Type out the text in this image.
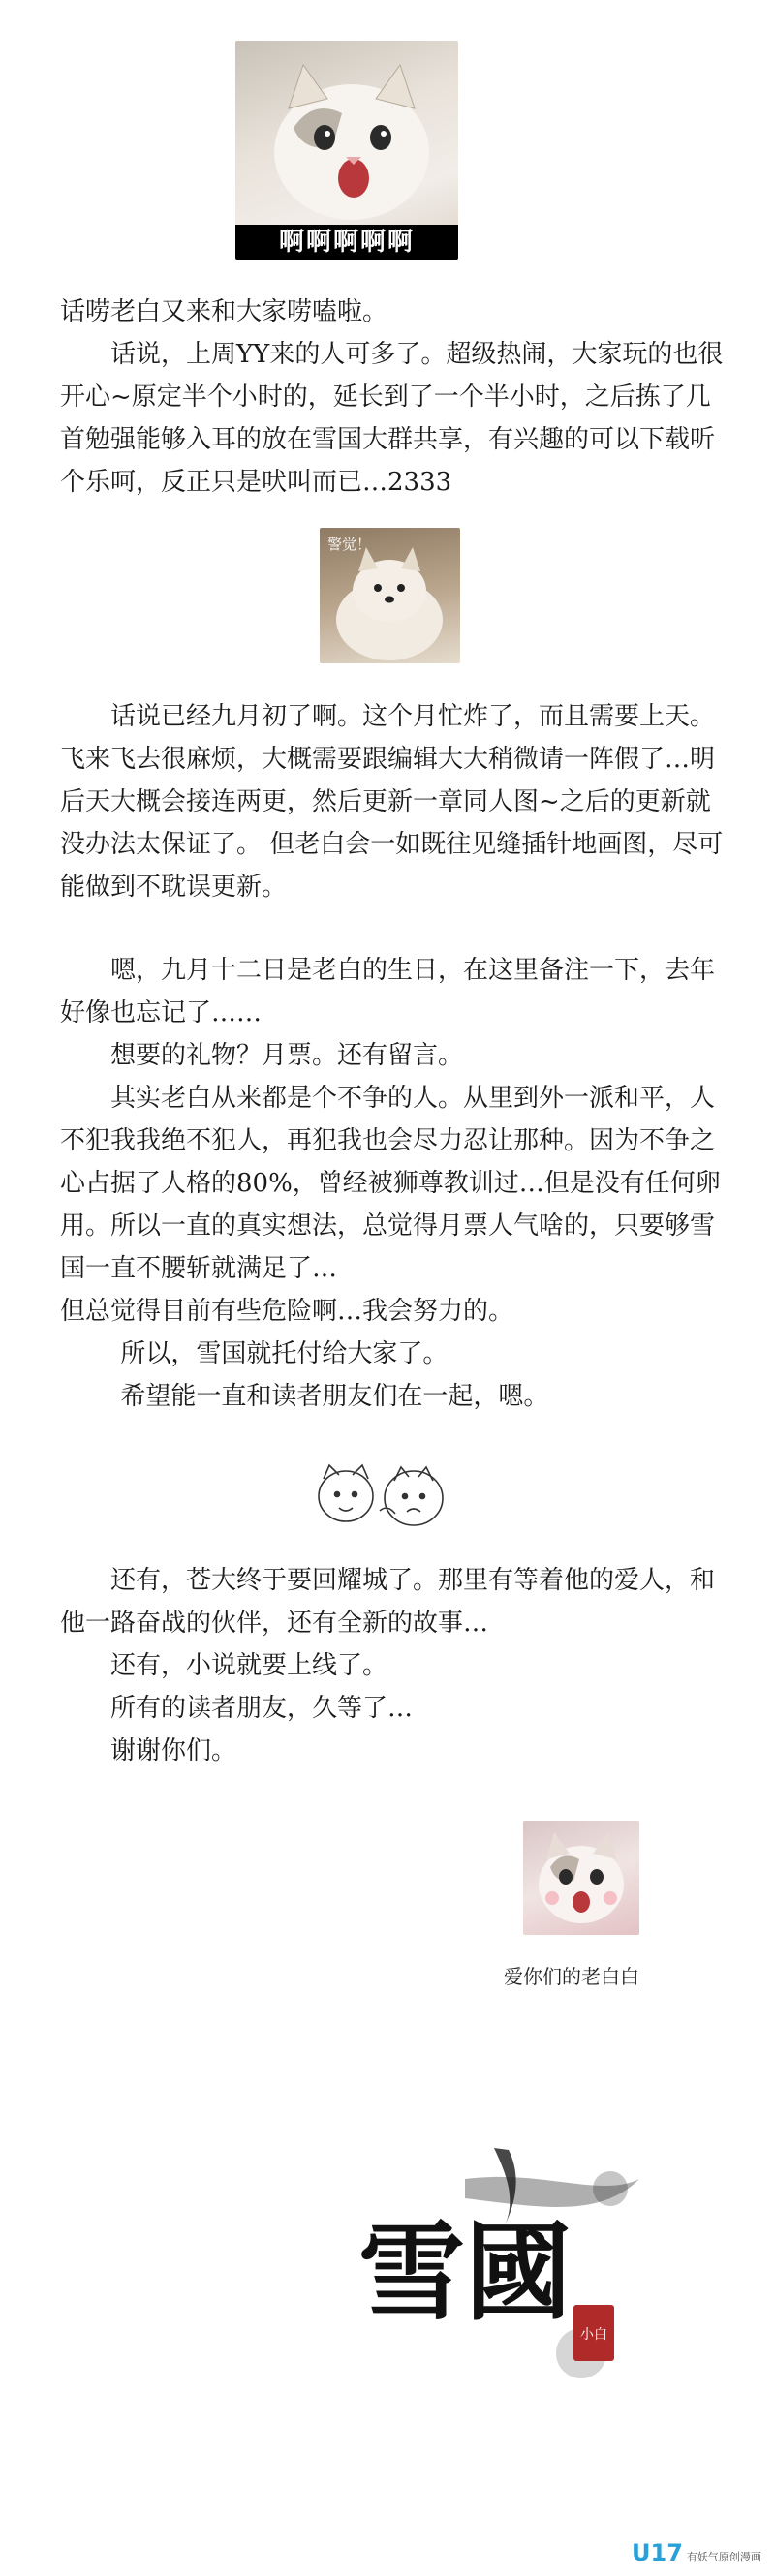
啊啊啊啊啊

话唠老白又来和大家唠嗑啦。

话说，上周YY来的人可多了。超级热闹，大家玩的也很开心~原定半个小时的，延长到了一个半小时，之后拣了几首勉强能够入耳的放在雪国大群共享，有兴趣的可以下载听个乐呵，反正只是吠叫而已…2333

警觉！

话说已经九月初了啊。这个月忙炸了，而且需要上天。飞来飞去很麻烦，大概需要跟编辑大大稍微请一阵假了…明后天大概会接连两更，然后更新一章同人图~之后的更新就没办法太保证了。 但老白会一如既往见缝插针地画图，尽可能做到不耽误更新。

嗯，九月十二日是老白的生日，在这里备注一下，去年好像也忘记了……

想要的礼物？月票。还有留言。

其实老白从来都是个不争的人。从里到外一派和平，人不犯我我绝不犯人，再犯我也会尽力忍让那种。因为不争之心占据了人格的80%，曾经被狮尊教训过…但是没有任何卵用。 所以一直的真实想法，总觉得月票人气啥的，只要够雪国一直不腰斩就满足了…

但总觉得目前有些危险啊…我会努力的。

所以，雪国就托付给大家了。

希望能一直和读者朋友们在一起，嗯。

还有，苍大终于要回耀城了。那里有等着他的爱人，和他一路奋战的伙伴，还有全新的故事…

还有，小说就要上线了。

所有的读者朋友，久等了…

谢谢你们。

爱你们的老白白
雪國 小白
U17 有妖气原创漫画
